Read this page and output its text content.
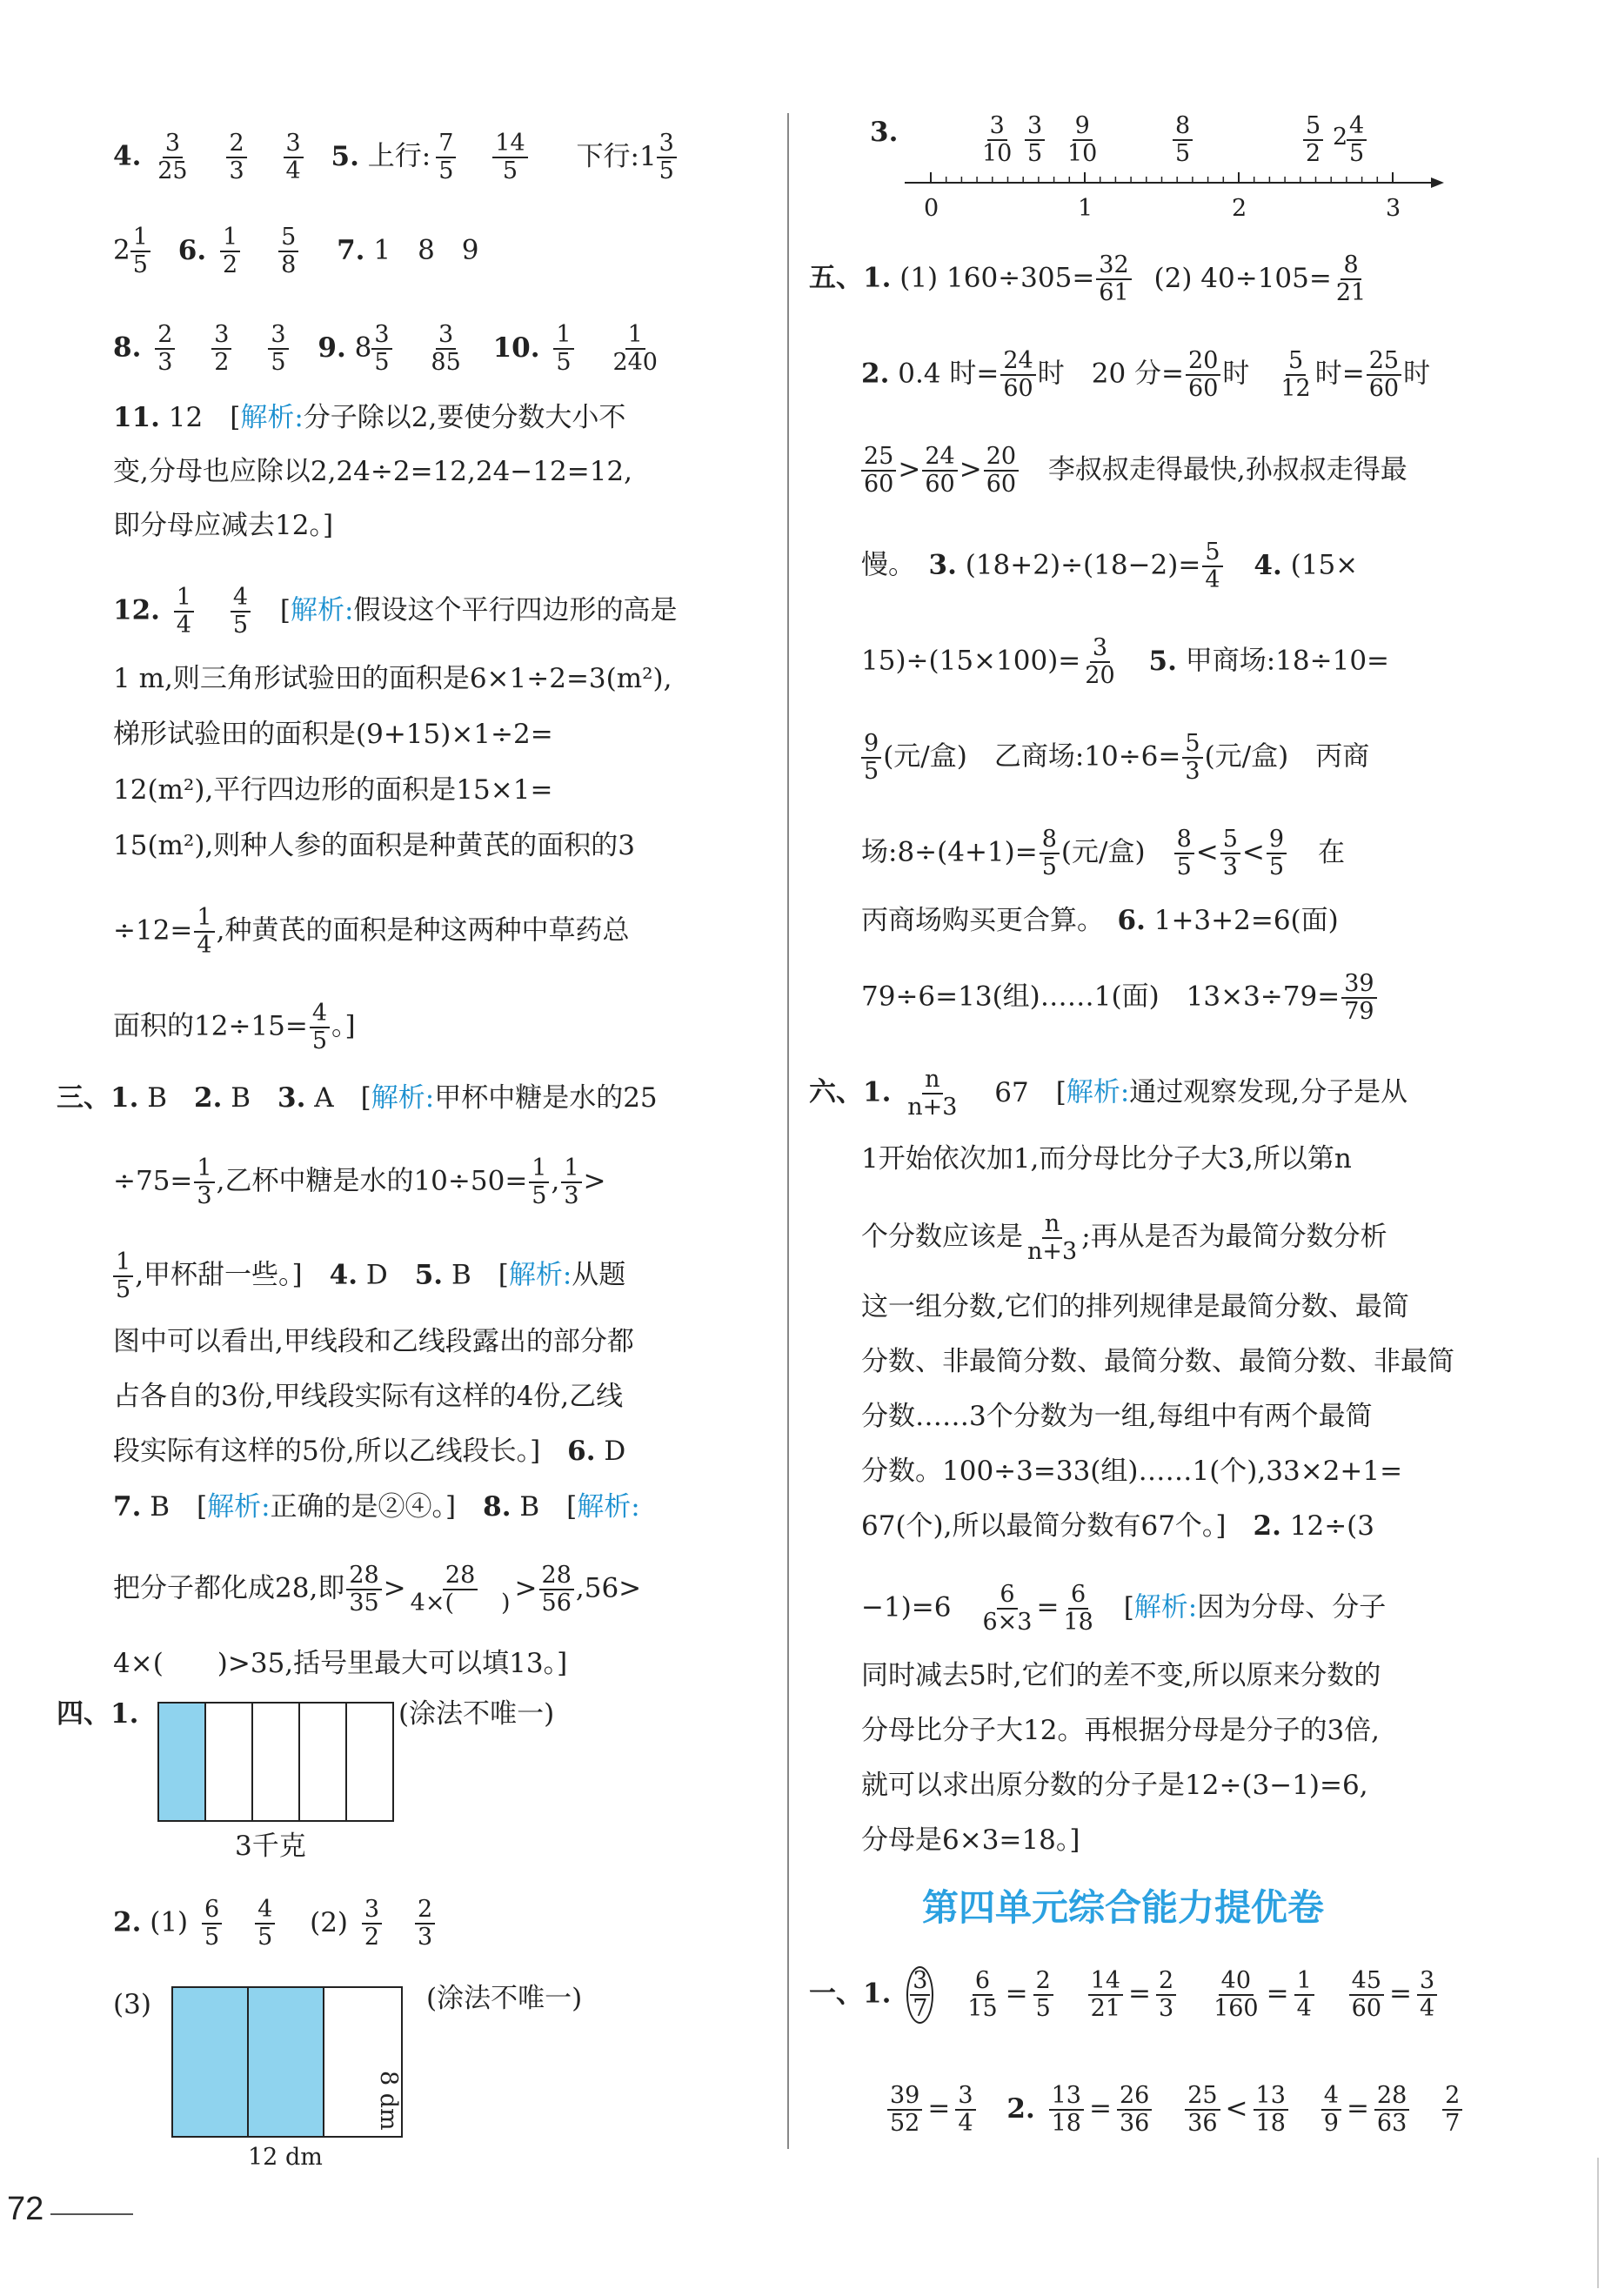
4. $\frac{3}{25}$
$\frac{2}{3}$
$\frac{3}{4} 5$. 上行: $\frac{7}{5}$
$\frac{14}{5}$ 下行:1 $\frac{3}{5}$
$2 \frac{1}{5} 6$. $\frac{1}{2}$
$\frac{5}{8} 7$. 1　8　9
8. $\frac{2}{3}$
$\frac{3}{2}$
$\frac{3}{5} 9$. $8 \frac{3}{5}$
$\frac{3}{85} 10$. $\frac{1}{5}$
$\frac{1}{240}$
11. 12　[解析:分子除以2,要使分数大小不
变,分母也应除以2,24÷2=12,24−12=12,
即分母应减去12。]
12. $\frac{1}{4}$
$\frac{4}{5}$ [解析:假设这个平行四边形的高是
1 m,则三角形试验田的面积是6×1÷2=3(m²),
梯形试验田的面积是(9+15)×1÷2=
12(m²),平行四边形的面积是15×1=
15(m²),则种人参的面积是种黄芪的面积的3
$\div 12= \frac{1}{4}$ ,种黄芪的面积是种这两种中草药总
面积的$12\div 15= \frac{4}{5}$ 。]
三、1. B　2. B　3. A　[解析:甲杯中糖是水的25
$\div 75= \frac{1}{3}$ ,乙杯中糖是水的$10\div 50= \frac{1}{5}$ , $\frac{1}{3}$ >
$\frac{1}{5}$ ,甲杯甜一些。]　4. D　5. B　[解析:从题
图中可以看出,甲线段和乙线段露出的部分都
占各自的3份,甲线段实际有这样的4份,乙线
段实际有这样的5份,所以乙线段长。]　6. D
7. B　[解析:正确的是②④。]　8. B　[解析:
把分子都化成28,即 $\frac{28}{35} > \frac{28}{4\times( )} > \frac{28}{56} ,56>$
4×(　　)>35,括号里最大可以填13。]
四、1.	(涂法不唯一)
3千克
2. $(1) \frac{6}{5}$
$\frac{4}{5} (2) \frac{3}{2}$
$\frac{2}{3}$
(3)	(涂法不唯一)
8 dm
12 dm
3.	$\frac{3}{10} \frac{3}{5} \frac{9}{10}$	$\frac{8}{5}$	$\frac{5}{2} 2$
$\frac{4}{5}$
0	1	2	3
五、1. (1) $160\div 305= \frac{32}{61} (2)$ $40\div 105= \frac{8}{21}$
2. 0.4 时= $\frac{24}{60}$ 时　20 分= $\frac{20}{60}$ 时　 $\frac{5}{12}$ 时= $\frac{25}{60}$ 时
$\frac{25}{60} > \frac{24}{60} > \frac{20}{60}$ 李叔叔走得最快,孙叔叔走得最
慢。　3. $(18+2)\div(18-2)= \frac{5}{4} 4$. (15×
$15)\div(15\times 100)= \frac{3}{20} 5$. 甲商场:18÷10=
$\frac{9}{5}$ (元/盒)　乙商场:10÷6= $\frac{5}{3}$ (元/盒)　丙商
场:8÷(4+1)= $\frac{8}{5}$ (元/盒)　 $\frac{8}{5} < \frac{5}{3} < \frac{9}{5}$ 在
丙商场购买更合算。　6. 1+3+2=6(面)
79÷6=13(组)……1(面)　$13\times 3\div 79= \frac{39}{79}$
六、1. $\frac{n}{n+3} 67$　[解析:通过观察发现,分子是从
1开始依次加1,而分母比分子大3,所以第n
个分数应该是 $\frac{n}{n+3}$ ;再从是否为最简分数分析
这一组分数,它们的排列规律是最简分数、最简
分数、非最简分数、最简分数、最简分数、非最简
分数……3个分数为一组,每组中有两个最简
分数。100÷3=33(组)……1(个),33×2+1=
67(个),所以最简分数有67个。]　2. 12÷(3
−1)=6　 $\frac{6}{6\times 3} = \frac{6}{18}$ [解析:因为分母、分子
同时减去5时,它们的差不变,所以原来分数的
分母比分子大12。再根据分母是分子的3倍,
就可以求出原分数的分子是12÷(3−1)=6,
分母是6×3=18。]
第四单元综合能力提优卷
一、1. $\frac{3}{7}$
$\frac{6}{15} = \frac{2}{5}$
$\frac{14}{21} = \frac{2}{3}$
$\frac{40}{160} = \frac{1}{4}$
$\frac{45}{60} = \frac{3}{4}$
$\frac{39}{52} = \frac{3}{4} 2$. $\frac{13}{18} = \frac{26}{36}$
$\frac{25}{36} < \frac{13}{18}$
$\frac{4}{9} = \frac{28}{63}$
$\frac{2}{7}$
72
